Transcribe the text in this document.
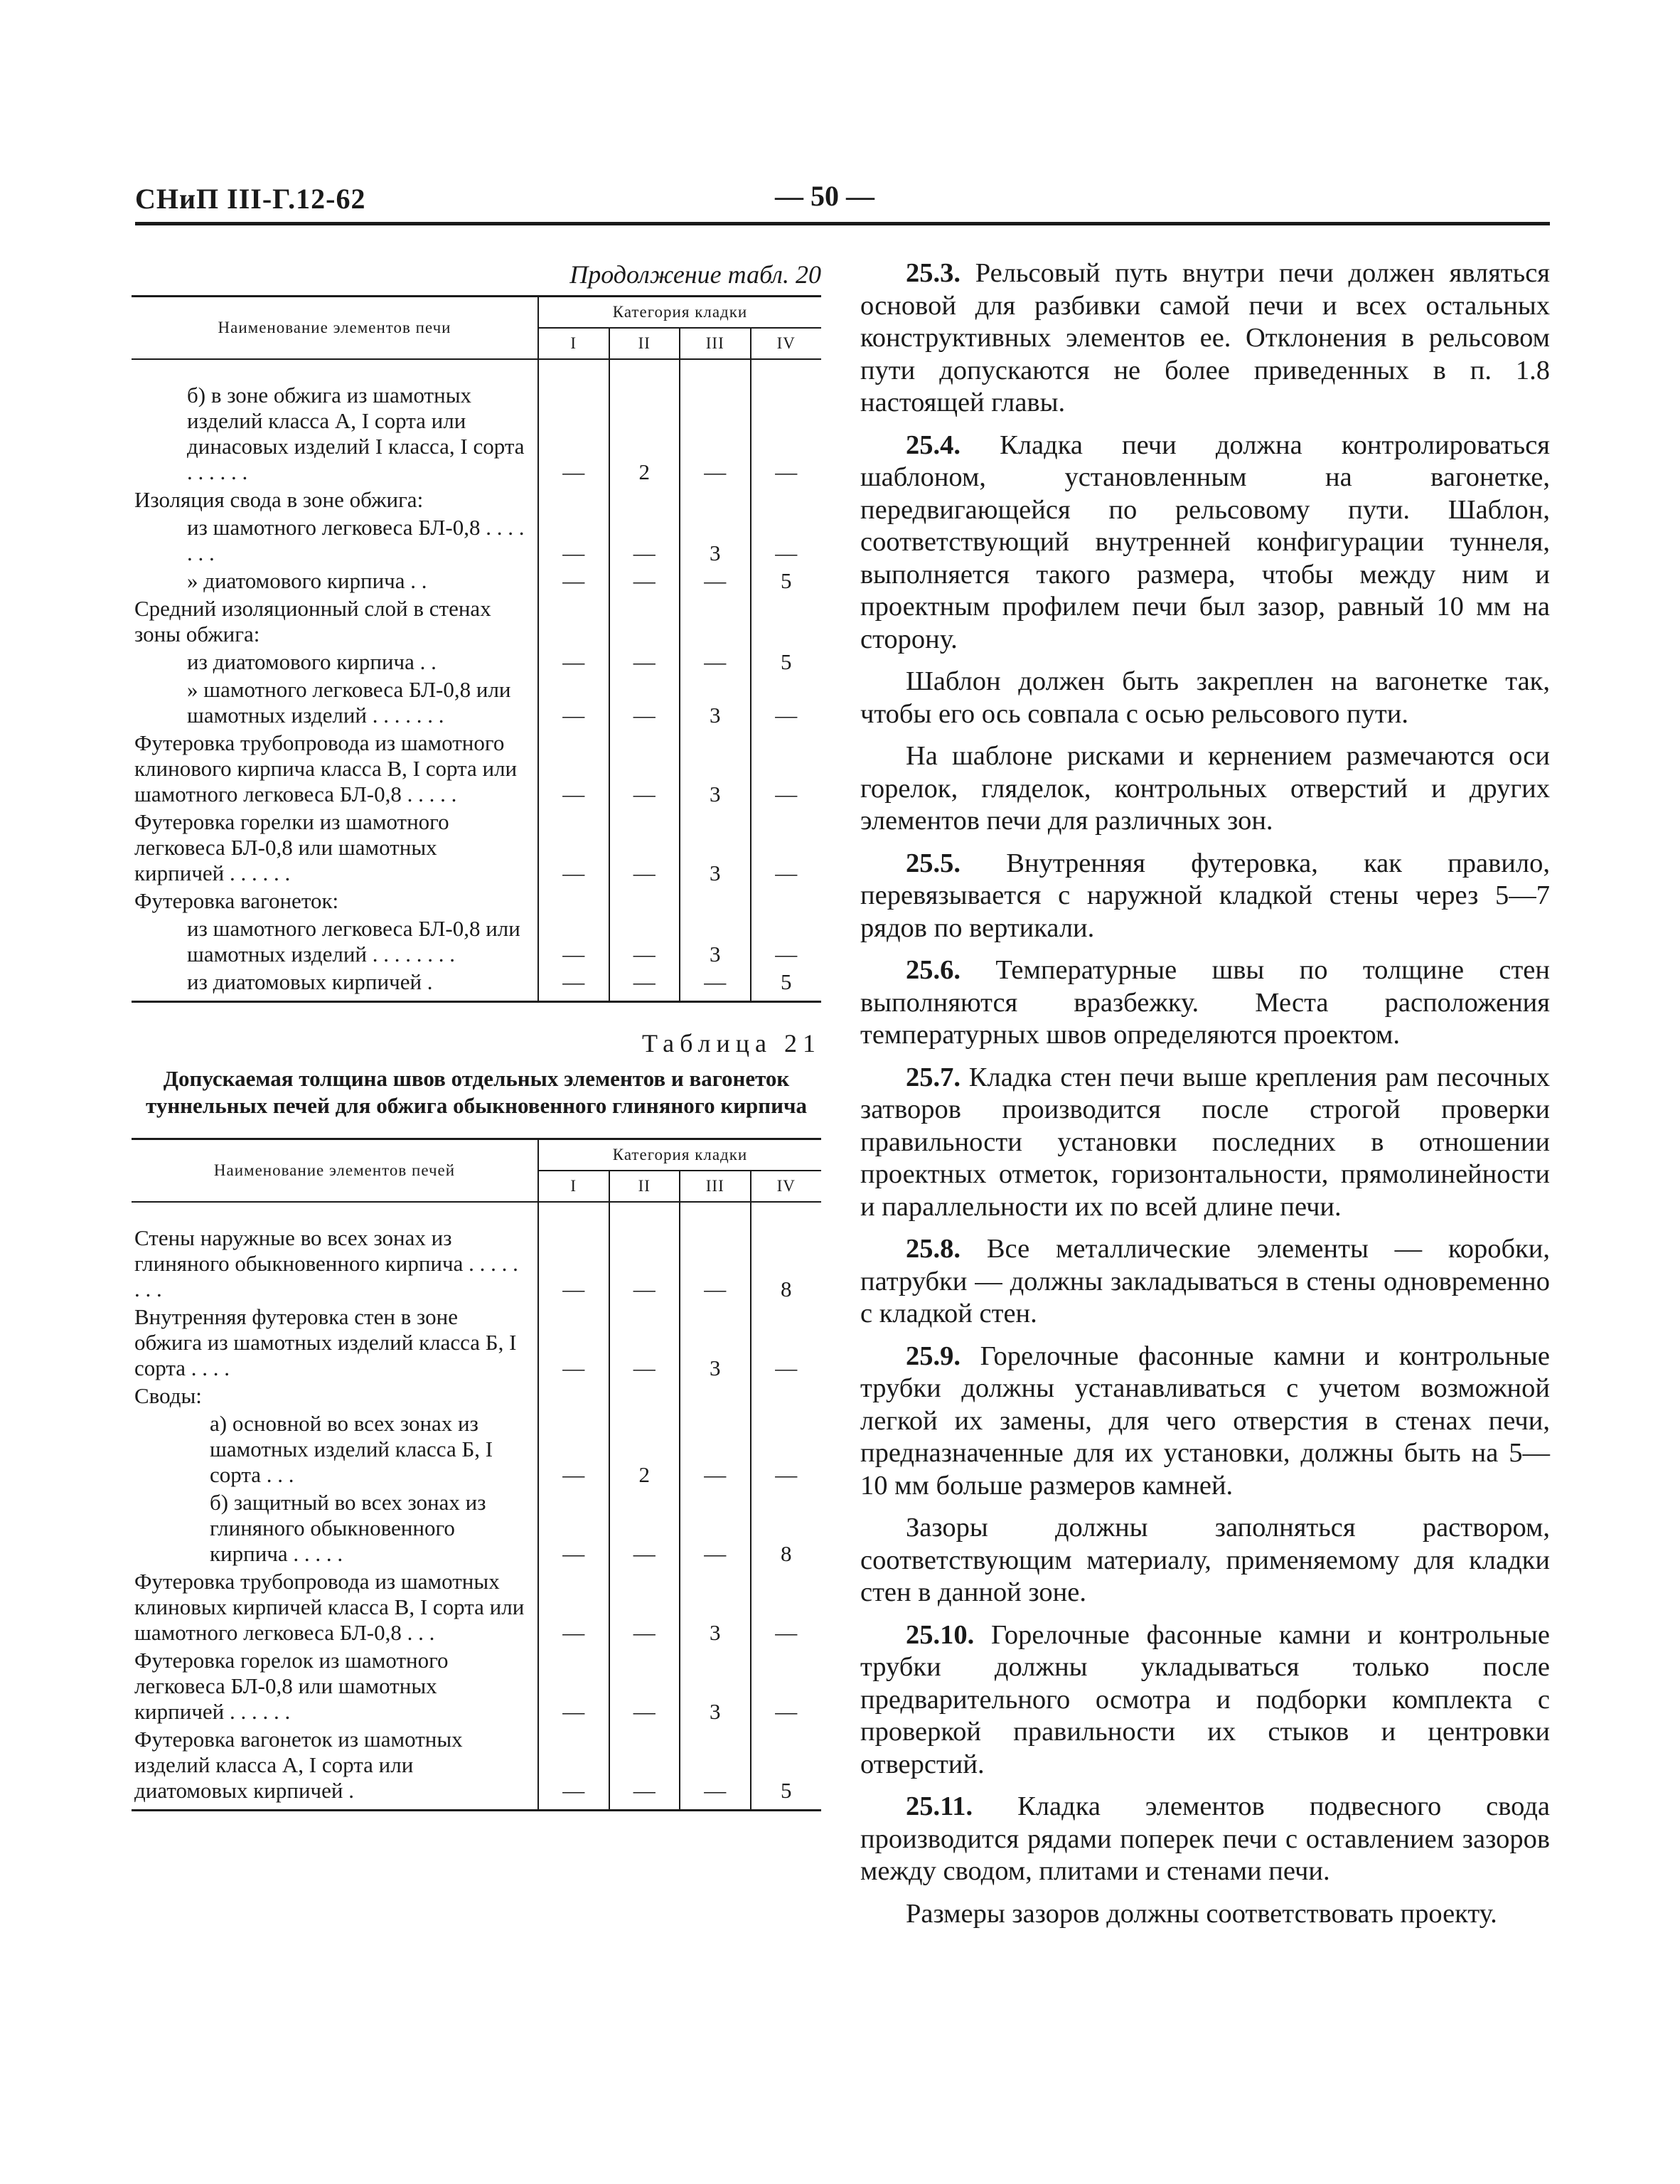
СНиП III-Г.12-62	— 50 —
Продолжение табл. 20
Наименование элементов печи	Категория кладки			
	I	II	III	IV

б) в зоне обжига из шамотных изделий класса А, I сорта или динасовых изделий I класса, I сорта . . . . . .	—	2	—	—
Изоляция свода в зоне обжига:				
из шамотного легковеса БЛ-0,8 . . . . . . .	—	—	3	—
» диатомового кирпича . .	—	—	—	5
Средний изоляционный слой в стенах зоны обжига:				
из диатомового кирпича . .	—	—	—	5
» шамотного легковеса БЛ-0,8 или шамотных изделий . . . . . . .	—	—	3	—
Футеровка трубопровода из шамотного клинового кирпича класса В, I сорта или шамотного легковеса БЛ-0,8 . . . . .	—	—	3	—
Футеровка горелки из шамотного легковеса БЛ-0,8 или шамотных кирпичей . . . . . .	—	—	3	—
Футеровка вагонеток:				
из шамотного легковеса БЛ-0,8 или шамотных изделий . . . . . . . .	—	—	3	—
из диатомовых кирпичей .	—	—	—	5
Таблица 21
Допускаемая толщина швов отдельных элементов и вагонеток туннельных печей для обжига обыкновенного глиняного кирпича
Наименование элементов печей	Категория кладки			
	I	II	III	IV

Стены наружные во всех зонах из глиняного обыкновенного кирпича . . . . . . . .	—	—	—	8
Внутренняя футеровка стен в зоне обжига из шамотных изделий класса Б, I сорта . . . .	—	—	3	—
Своды:				
а) основной во всех зонах из шамотных изделий класса Б, I сорта . . .	—	2	—	—
б) защитный во всех зонах из глиняного обыкновенного кирпича . . . . .	—	—	—	8
Футеровка трубопровода из шамотных клиновых кирпичей класса В, I сорта или шамотного легковеса БЛ-0,8 . . .	—	—	3	—
Футеровка горелок из шамотного легковеса БЛ-0,8 или шамотных кирпичей . . . . . .	—	—	3	—
Футеровка вагонеток из шамотных изделий класса А, I сорта или диатомовых кирпичей .	—	—	—	5

25.3. Рельсовый путь внутри печи должен являться основой для разбивки самой печи и всех остальных конструктивных элементов ее. Отклонения в рельсовом пути допускаются не более приведенных в п. 1.8 настоящей главы.

25.4. Кладка печи должна контролироваться шаблоном, установленным на вагонетке, передвигающейся по рельсовому пути. Шаблон, соответствующий внутренней конфигурации туннеля, выполняется такого размера, чтобы между ним и проектным профилем печи был зазор, равный 10 мм на сторону.

Шаблон должен быть закреплен на вагонетке так, чтобы его ось совпала с осью рельсового пути.

На шаблоне рисками и кернением размечаются оси горелок, гляделок, контрольных отверстий и других элементов печи для различных зон.

25.5. Внутренняя футеровка, как правило, перевязывается с наружной кладкой стены через 5—7 рядов по вертикали.

25.6. Температурные швы по толщине стен выполняются вразбежку. Места расположения температурных швов определяются проектом.

25.7. Кладка стен печи выше крепления рам песочных затворов производится после строгой проверки правильности установки последних в отношении проектных отметок, горизонтальности, прямолинейности и параллельности их по всей длине печи.

25.8. Все металлические элементы — коробки, патрубки — должны закладываться в стены одновременно с кладкой стен.

25.9. Горелочные фасонные камни и контрольные трубки должны устанавливаться с учетом возможной легкой их замены, для чего отверстия в стенах печи, предназначенные для их установки, должны быть на 5—10 мм больше размеров камней.

Зазоры должны заполняться раствором, соответствующим материалу, применяемому для кладки стен в данной зоне.

25.10. Горелочные фасонные камни и контрольные трубки должны укладываться только после предварительного осмотра и подборки комплекта с проверкой правильности их стыков и центровки отверстий.

25.11. Кладка элементов подвесного свода производится рядами поперек печи с оставлением зазоров между сводом, плитами и стенами печи.

Размеры зазоров должны соответствовать проекту.
